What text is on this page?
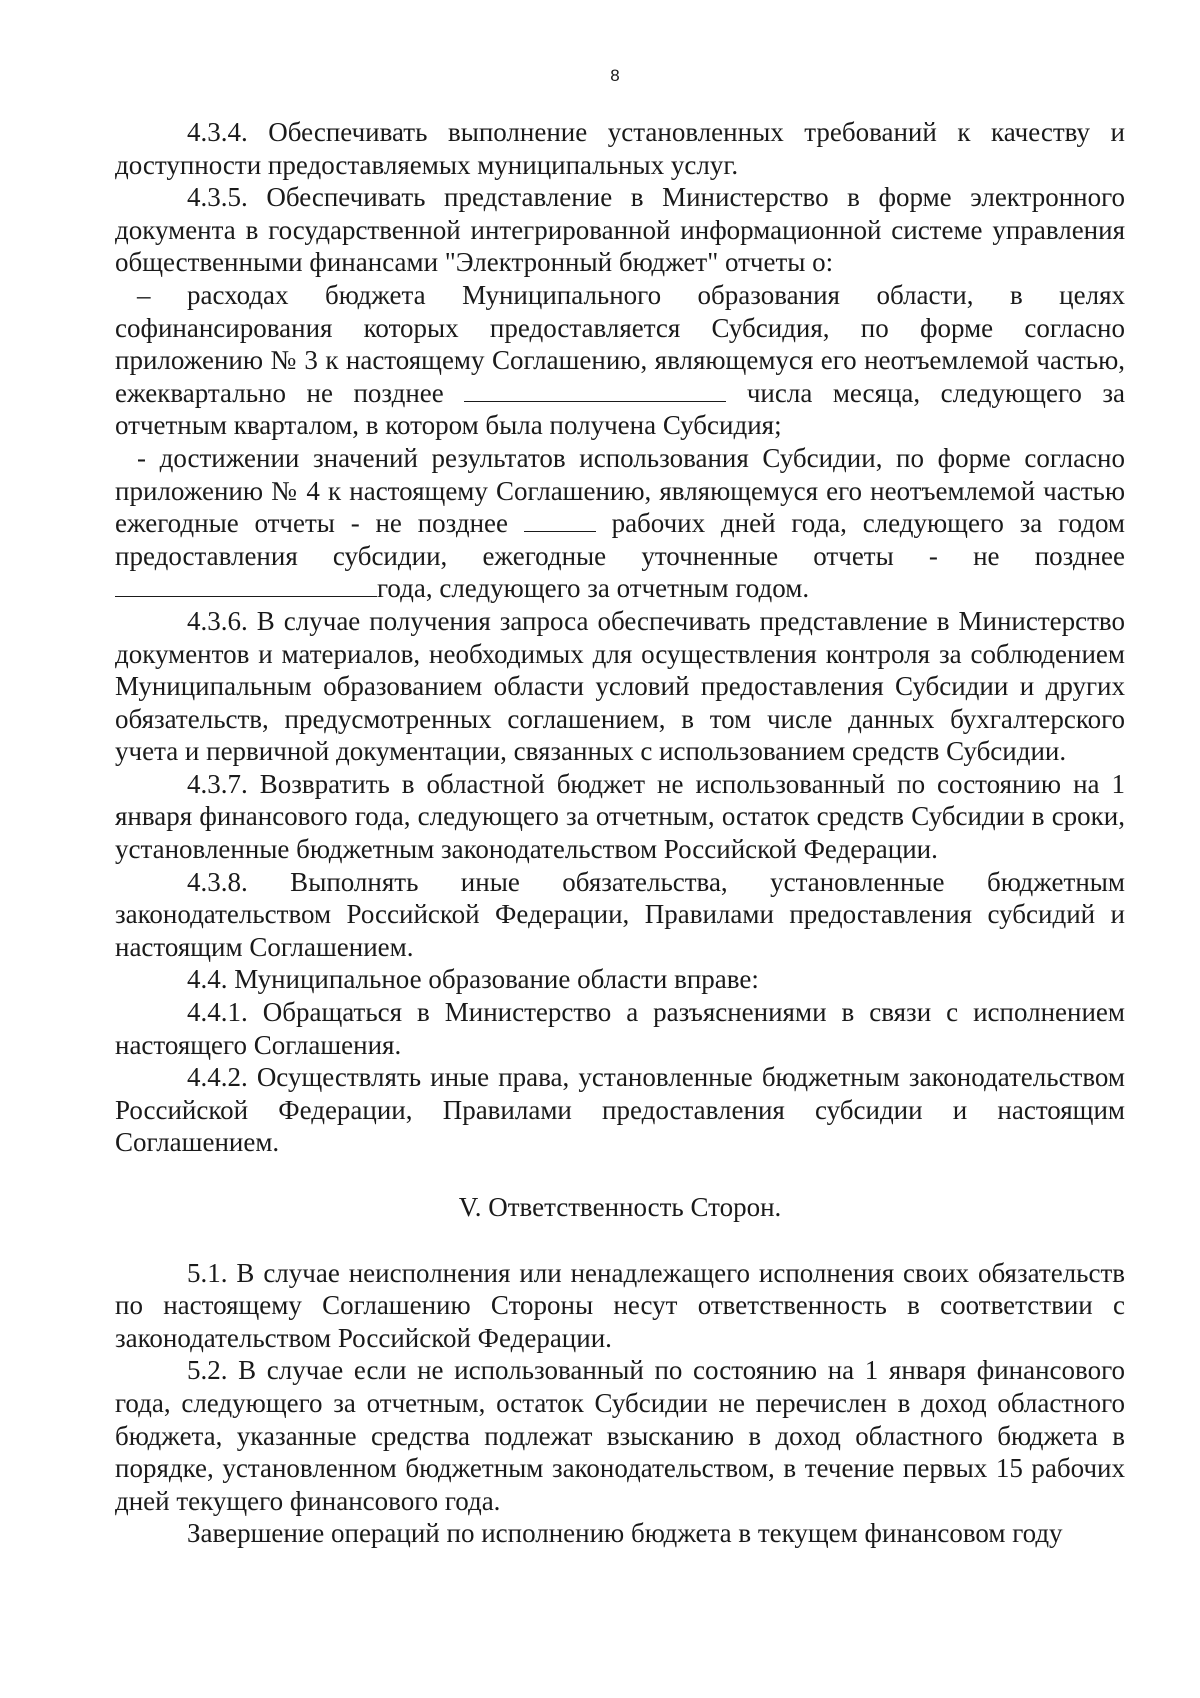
8

4.3.4. Обеспечивать выполнение установленных требований к качеству и доступности предоставляемых муниципальных услуг.

4.3.5. Обеспечивать представление в Министерство в форме электронного документа в государственной интегрированной информационной системе управления общественными финансами "Электронный бюджет" отчеты о:

– расходах бюджета Муниципального образования области, в целях софинансирования которых предоставляется Субсидия, по форме согласно приложению № 3 к настоящему Соглашению, являющемуся его неотъемлемой частью, ежеквартально не позднее	числа месяца, следующего за отчетным кварталом, в котором была получена Субсидия;

- достижении значений результатов использования Субсидии, по форме согласно приложению № 4 к настоящему Соглашению, являющемуся его неотъемлемой частью ежегодные отчеты - не позднее	рабочих дней года, следующего за годом предоставления субсидии, ежегодные уточненные отчеты - не позднее года, следующего за отчетным годом.

4.3.6. В случае получения запроса обеспечивать представление в Министерство документов и материалов, необходимых для осуществления контроля за соблюдением Муниципальным образованием области условий предоставления Субсидии и других обязательств, предусмотренных соглашением, в том числе данных бухгалтерского учета и первичной документации, связанных с использованием средств Субсидии.

4.3.7. Возвратить в областной бюджет не использованный по состоянию на 1 января финансового года, следующего за отчетным, остаток средств Субсидии в сроки, установленные бюджетным законодательством Российской Федерации.

4.3.8. Выполнять иные обязательства, установленные бюджетным законодательством Российской Федерации, Правилами предоставления субсидий и настоящим Соглашением.

4.4. Муниципальное образование области вправе:

4.4.1. Обращаться в Министерство а разъяснениями в связи с исполнением настоящего Соглашения.

4.4.2. Осуществлять иные права, установленные бюджетным законодательством Российской Федерации, Правилами предоставления субсидии и настоящим Соглашением.

V. Ответственность Сторон.

5.1. В случае неисполнения или ненадлежащего исполнения своих обязательств по настоящему Соглашению Стороны несут ответственность в соответствии с законодательством Российской Федерации.

5.2. В случае если не использованный по состоянию на 1 января финансового года, следующего за отчетным, остаток Субсидии не перечислен в доход областного бюджета, указанные средства подлежат взысканию в доход областного бюджета в порядке, установленном бюджетным законодательством, в течение первых 15 рабочих дней текущего финансового года.

Завершение операций по исполнению бюджета в текущем финансовом году
